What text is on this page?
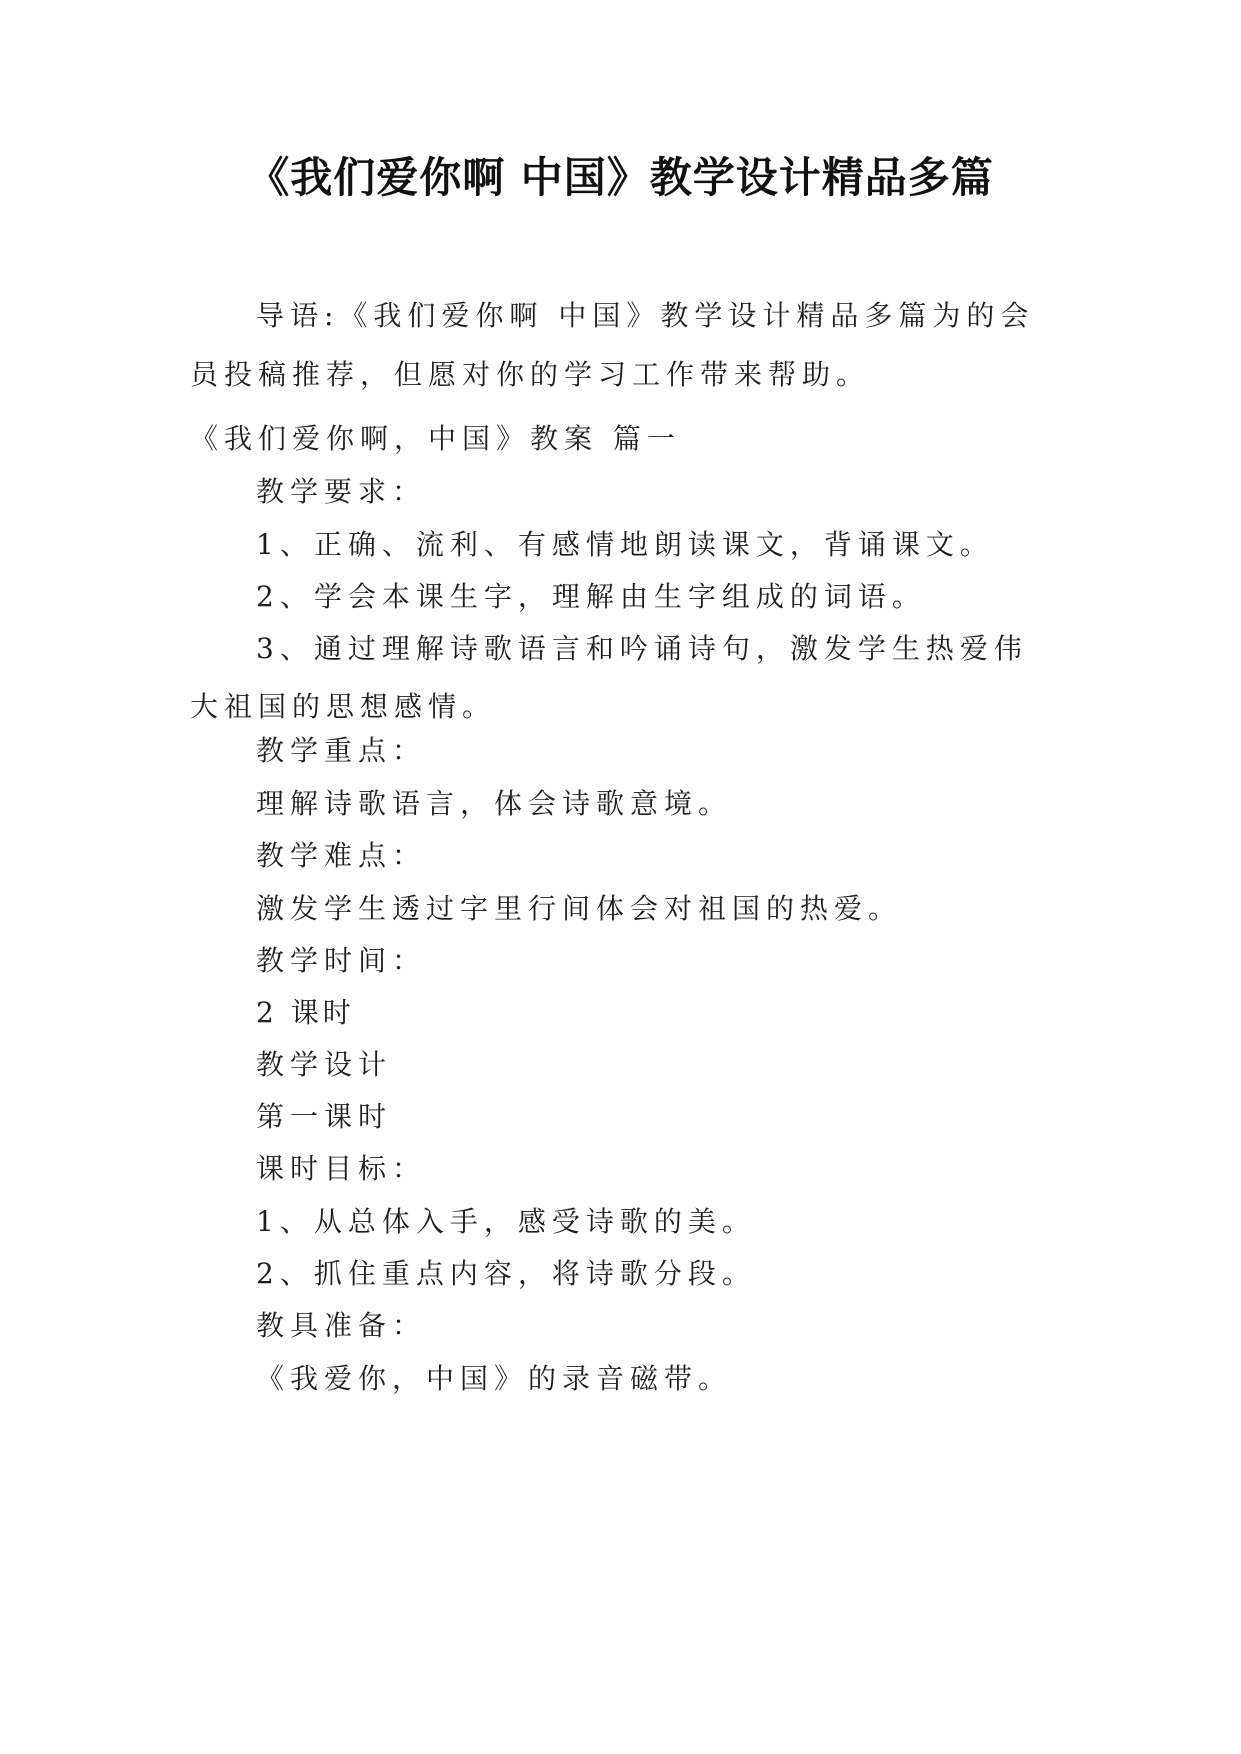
《我们爱你啊 中国》教学设计精品多篇
导语:《我们爱你啊 中国》教学设计精品多篇为的会员投稿推荐，但愿对你的学习工作带来帮助。
《我们爱你啊，中国》教案 篇一
教学要求：
1、正确、流利、有感情地朗读课文，背诵课文。
2、学会本课生字，理解由生字组成的词语。
3、通过理解诗歌语言和吟诵诗句，激发学生热爱伟大祖国的思想感情。
教学重点：
理解诗歌语言，体会诗歌意境。
教学难点：
激发学生透过字里行间体会对祖国的热爱。
教学时间：
2 课时
教学设计
第一课时
课时目标：
1、从总体入手，感受诗歌的美。
2、抓住重点内容，将诗歌分段。
教具准备：
《我爱你，中国》的录音磁带。
